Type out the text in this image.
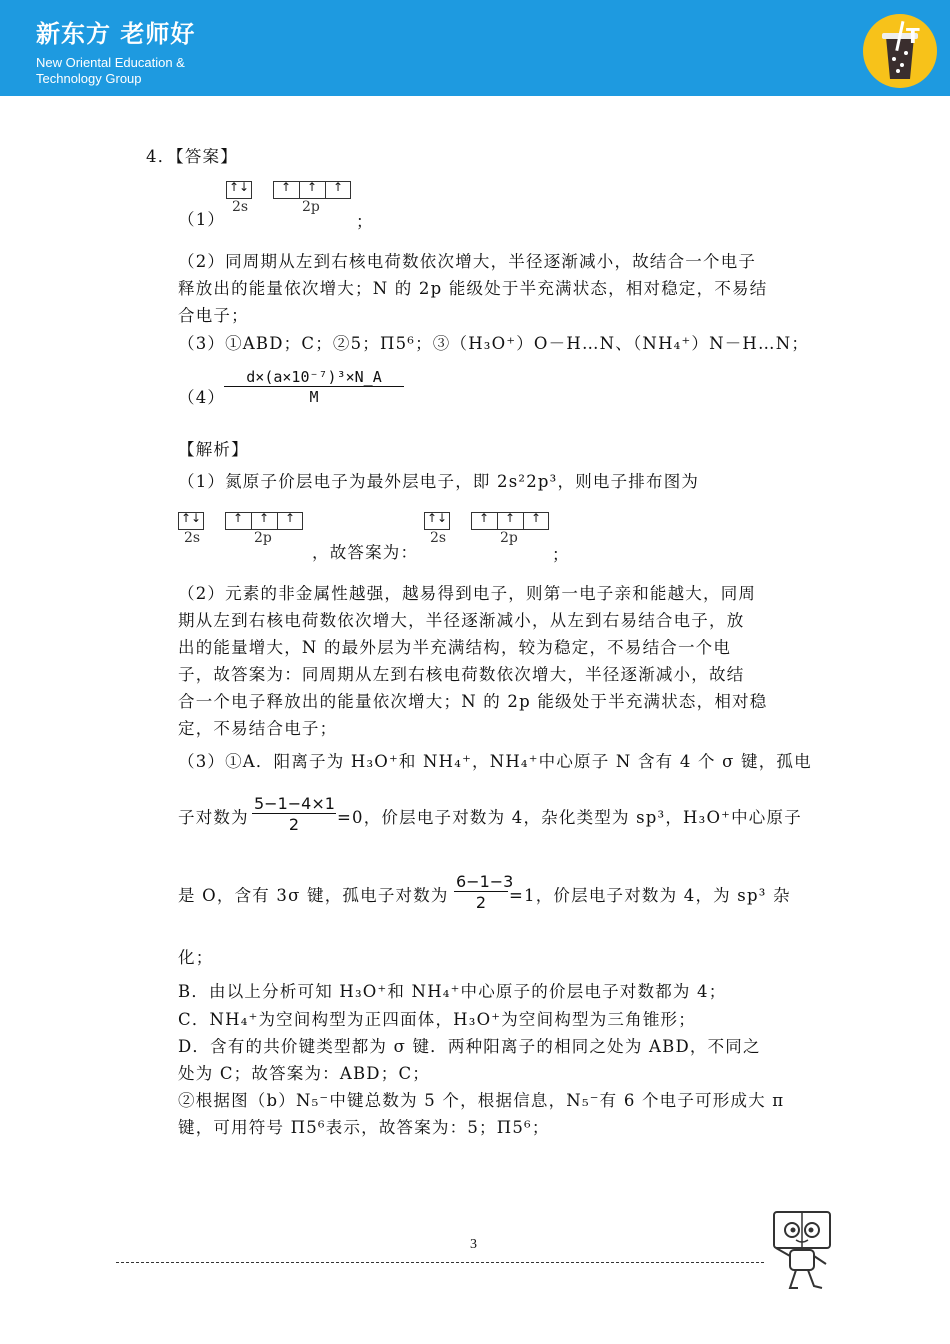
新东方 老师好
New Oriental Education &
Technology Group
T
4．【答案】
（1）
↑↓	↑ ↑ ↑
2s	2p
；
（2）同周期从左到右核电荷数依次增大，半径逐渐减小，故结合一个电子
释放出的能量依次增大；N 的 2p 能级处于半充满状态，相对稳定，不易结
合电子；
（3）①ABD；C；②5；Π5⁶；③（H₃O⁺）O－H…N、（NH₄⁺）N－H…N；
（4）
$\frac{\text{d×(a×10⁻⁷)³×N\_A}}{M}$
【解析】
（1）氮原子价层电子为最外层电子，即 2s²2p³，则电子排布图为
↑↓	↑ ↑ ↑
2s	2p
，故答案为：
↑↓	↑ ↑ ↑
2s	2p
；
（2）元素的非金属性越强，越易得到电子，则第一电子亲和能越大，同周
期从左到右核电荷数依次增大，半径逐渐减小，从左到右易结合电子，放
出的能量增大，N 的最外层为半充满结构，较为稳定，不易结合一个电
子，故答案为：同周期从左到右核电荷数依次增大，半径逐渐减小，故结
合一个电子释放出的能量依次增大；N 的 2p 能级处于半充满状态，相对稳
定，不易结合电子；
（3）①A．阳离子为 H₃O⁺和 NH₄⁺，NH₄⁺中心原子 N 含有 4 个 σ 键，孤电
子对数为 $\frac{5-1-4\times 1}{2} =0$，价层电子对数为 4，杂化类型为 sp³，H₃O⁺中心原子
是 O，含有 3σ 键，孤电子对数为 $\frac{6-1-3}{2} =1$，价层电子对数为 4，为 sp³ 杂
化；
B．由以上分析可知 H₃O⁺和 NH₄⁺中心原子的价层电子对数都为 4；
C．NH₄⁺为空间构型为正四面体，H₃O⁺为空间构型为三角锥形；
D．含有的共价键类型都为 σ 键．两种阳离子的相同之处为 ABD，不同之
处为 C；故答案为：ABD；C；
②根据图（b）N₅⁻中键总数为 5 个，根据信息，N₅⁻有 6 个电子可形成大 π
键，可用符号 Π5⁶表示，故答案为：5；Π5⁶；
3
